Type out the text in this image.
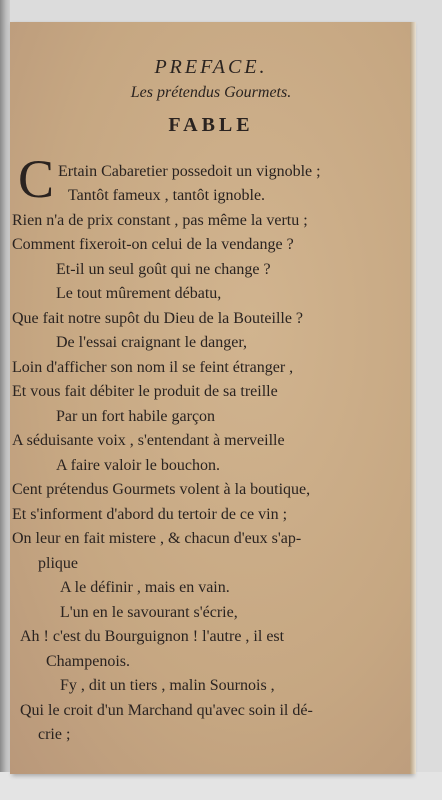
PREFACE.
Les prétendus Gourmets.
FABLE
C Ertain Cabaretier possedoit un vignoble ;
Tantôt fameux , tantôt ignoble.
Rien n'a de prix constant , pas même la vertu ;
Comment fixeroit-on celui de la vendange ?
Et-il un seul goût qui ne change ?
Le tout mûrement débatu,
Que fait notre supôt du Dieu de la Bouteille ?
De l'essai craignant le danger,
Loin d'afficher son nom il se feint étranger ,
Et vous fait débiter le produit de sa treille
Par un fort habile garçon
A séduisante voix , s'entendant à merveille
A faire valoir le bouchon.
Cent prétendus Gourmets volent à la boutique,
Et s'informent d'abord du tertoir de ce vin ;
On leur en fait mistere , & chacun d'eux s'ap-
plique
A le définir , mais en vain.
L'un en le savourant s'écrie,
Ah ! c'est du Bourguignon ! l'autre , il est
Champenois.
Fy , dit un tiers , malin Sournois ,
Qui le croit d'un Marchand qu'avec soin il dé-
crie ;
